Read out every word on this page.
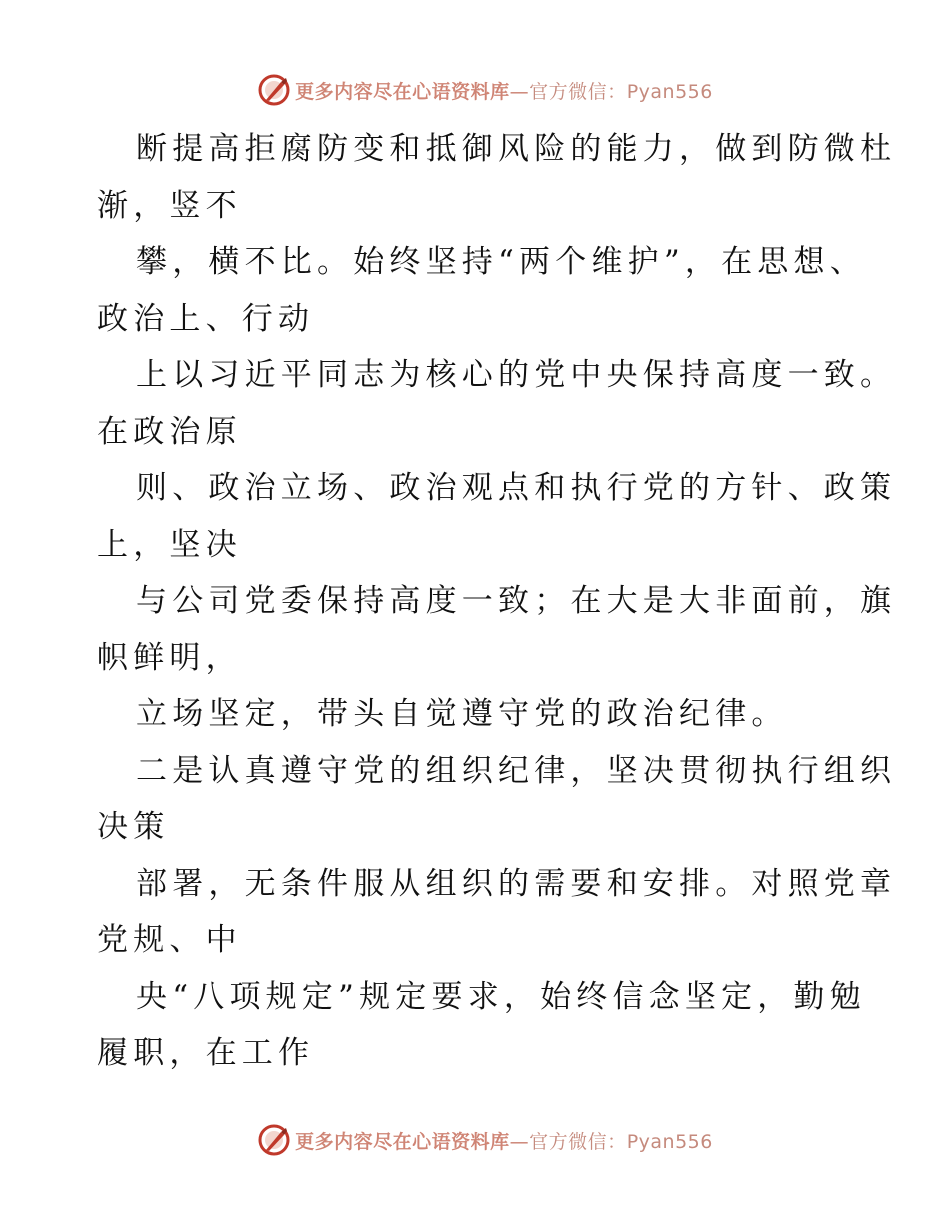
更多内容尽在心语资料库—官方微信：Pyan556
断提高拒腐防变和抵御风险的能力，做到防微杜
渐，竖不
攀，横不比。始终坚持“两个维护”，在思想、
政治上、行动
上以习近平同志为核心的党中央保持高度一致。
在政治原
则、政治立场、政治观点和执行党的方针、政策
上，坚决
与公司党委保持高度一致；在大是大非面前，旗
帜鲜明，
立场坚定，带头自觉遵守党的政治纪律。
二是认真遵守党的组织纪律，坚决贯彻执行组织
决策
部署，无条件服从组织的需要和安排。对照党章
党规、中
央“八项规定”规定要求，始终信念坚定，勤勉
履职，在工作
更多内容尽在心语资料库—官方微信：Pyan556
